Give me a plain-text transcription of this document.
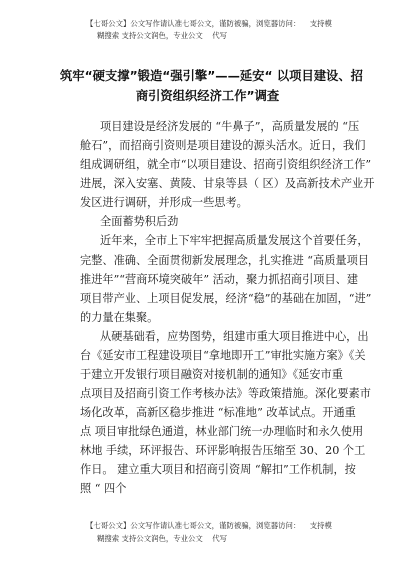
【七哥公文】公文写作请认准七哥公文，谨防被骗，浏览器访问：    支持模
糊搜索 支持公文润色，专业公文    代写
筑牢“硬支撑”锻造“强引擎”——延安“ 以项目建设、招
商引资组织经济工作”调查
项目建设是经济发展的 “牛鼻子”，高质量发展的 “压
舱石”，而招商引资则是项目建设的源头活水。近日，我们
组成调研组，就全市“以项目建设、招商引资组织经济工作”
进展，深入安塞、黄陵、甘泉等县（ 区）及高新技术产业开
发区进行调研，并形成一些思考。
全面蓄势积后劲
近年来，全市上下牢牢把握高质量发展这个首要任务，
完整、准确、全面贯彻新发展理念，扎实推进 “高质量项目
推进年”“营商环境突破年” 活动，聚力抓招商引项目、建
项目带产业、上项目促发展，经济“稳”的基础在加固，“进”
的力量在集聚。
从硬基础看，应势图势，组建市重大项目推进中心，出
台《延安市工程建设项目“拿地即开工”审批实施方案》《关
于建立开发银行项目融资对接机制的通知》《延安市重
点项目及招商引资工作考核办法》等政策措施。深化要素市
场化改革，高新区稳步推进 “标准地” 改革试点。开通重
点 项目审批绿色通道，林业部门统一办理临时和永久使用
林地 手续，环评报告、环评影响报告压缩至 30、20 个工
作日。 建立重大项目和招商引资周 “解扣”工作机制，按
照 “ 四个
【七哥公文】公文写作请认准七哥公文，谨防被骗，浏览器访问：    支持模
糊搜索 支持公文润色，专业公文    代写
